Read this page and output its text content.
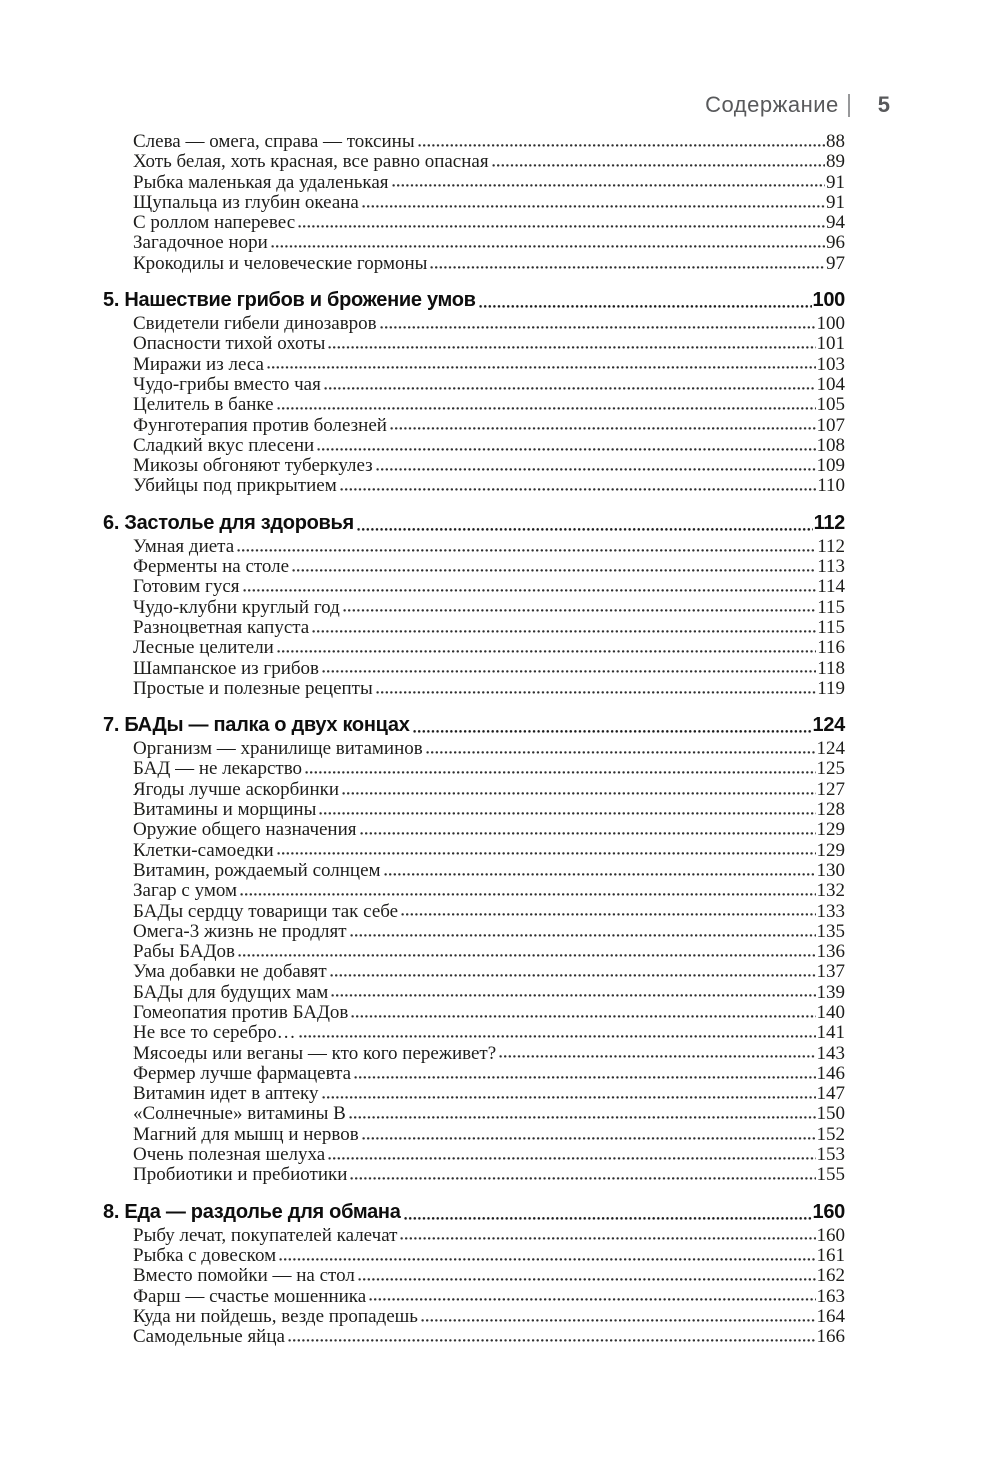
Содержание 5
Слева — омега, справа — токсины	88
Хоть белая, хоть красная, все равно опасная	89
Рыбка маленькая да удаленькая	91
Щупальца из глубин океана	91
С роллом наперевес	94
Загадочное нори	96
Крокодилы и человеческие гормоны	97
5. Нашествие грибов и брожение умов	100
Свидетели гибели динозавров	100
Опасности тихой охоты	101
Миражи из леса	103
Чудо-грибы вместо чая	104
Целитель в банке	105
Фунготерапия против болезней	107
Сладкий вкус плесени	108
Микозы обгоняют туберкулез	109
Убийцы под прикрытием	110
6. Застолье для здоровья	112
Умная диета	112
Ферменты на столе	113
Готовим гуся	114
Чудо-клубни круглый год	115
Разноцветная капуста	115
Лесные целители	116
Шампанское из грибов	118
Простые и полезные рецепты	119
7. БАДы — палка о двух концах	124
Организм — хранилище витаминов	124
БАД — не лекарство	125
Ягоды лучше аскорбинки	127
Витамины и морщины	128
Оружие общего назначения	129
Клетки-самоедки	129
Витамин, рождаемый солнцем	130
Загар с умом	132
БАДы сердцу товарищи так себе	133
Омега-3 жизнь не продлят	135
Рабы БАДов	136
Ума добавки не добавят	137
БАДы для будущих мам	139
Гомеопатия против БАДов	140
Не все то серебро…	141
Мясоеды или веганы — кто кого переживет?	143
Фермер лучше фармацевта	146
Витамин идет в аптеку	147
«Солнечные» витамины В	150
Магний для мышц и нервов	152
Очень полезная шелуха	153
Пробиотики и пребиотики	155
8. Еда — раздолье для обмана	160
Рыбу лечат, покупателей калечат	160
Рыбка с довеском	161
Вместо помойки — на стол	162
Фарш — счастье мошенника	163
Куда ни пойдешь, везде пропадешь	164
Самодельные яйца	166
